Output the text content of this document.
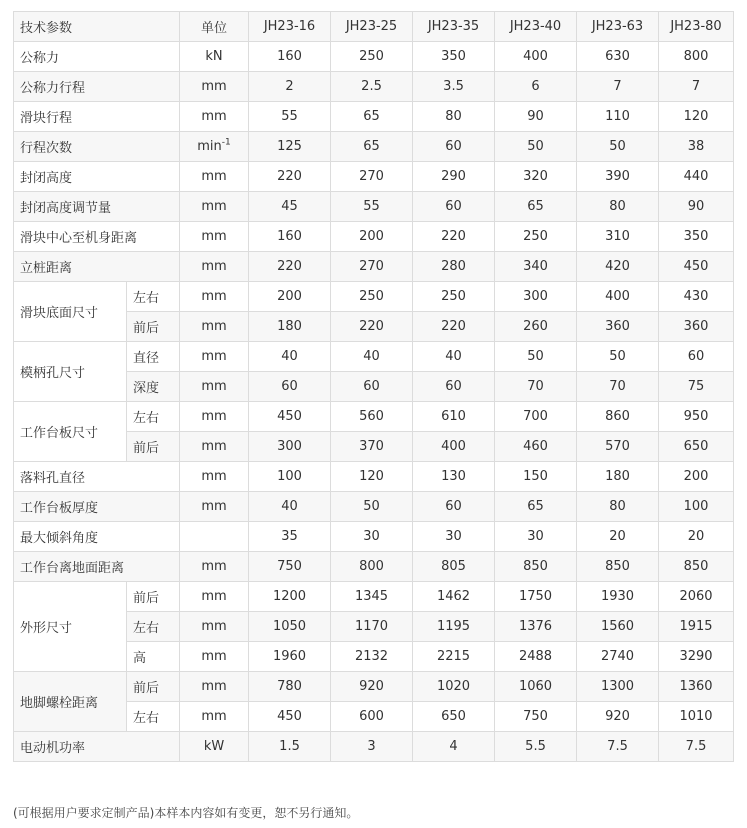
技术参数		单位	JH23-16	JH23-25	JH23-35	JH23-40	JH23-63	JH23-80
公称力		kN	160	250	350	400	630	800
公称力行程		mm	2	2.5	3.5	6	7	7
滑块行程		mm	55	65	80	90	110	120
行程次数		$\min^{-1}$	125	65	60	50	50	38
封闭高度		mm	220	270	290	320	390	440
封闭高度调节量		mm	45	55	60	65	80	90
滑块中心至机身距离		mm	160	200	220	250	310	350
立桩距离		mm	220	270	280	340	420	450
滑块底面尺寸	左右	mm	200	250	250	300	400	430
	前后	mm	180	220	220	260	360	360
模柄孔尺寸	直径	mm	40	40	40	50	50	60
	深度	mm	60	60	60	70	70	75
工作台板尺寸	左右	mm	450	560	610	700	860	950
	前后	mm	300	370	400	460	570	650
落料孔直径		mm	100	120	130	150	180	200
工作台板厚度		mm	40	50	60	65	80	100
最大倾斜角度			35	30	30	30	20	20
工作台离地面距离		mm	750	800	805	850	850	850
外形尺寸	前后	mm	1200	1345	1462	1750	1930	2060
	左右	mm	1050	1170	1195	1376	1560	1915
	高	mm	1960	2132	2215	2488	2740	3290
地脚螺栓距离	前后	mm	780	920	1020	1060	1300	1360
	左右	mm	450	600	650	750	920	1010
电动机功率		kW	1.5	3	4	5.5	7.5	7.5
(可根据用户要求定制产品)本样本内容如有变更，恕不另行通知。
